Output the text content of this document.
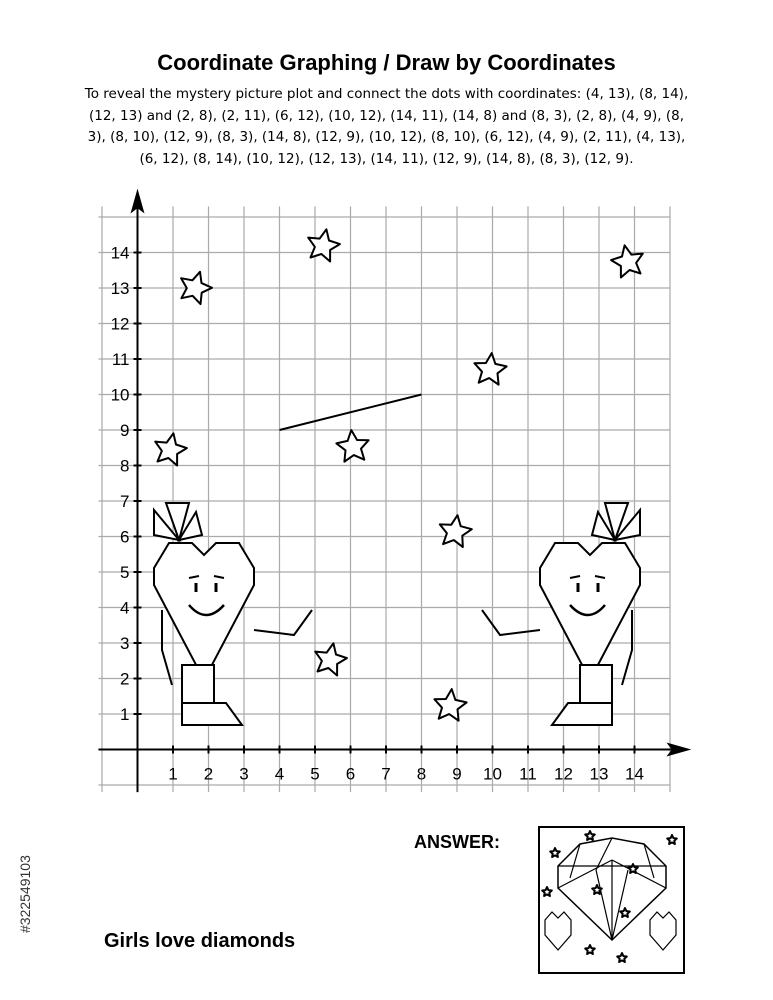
Coordinate Graphing / Draw by Coordinates
To reveal the mystery picture plot and connect the dots with coordinates: (4, 13), (8, 14), (12, 13) and (2, 8), (2, 11), (6, 12), (10, 12), (14, 11), (14, 8) and (8, 3), (2, 8), (4, 9), (8, 3), (8, 10), (12, 9), (8, 3), (14, 8), (12, 9), (10, 12), (8, 10), (6, 12), (4, 9), (2, 11), (4, 13), (6, 12), (8, 14), (10, 12), (12, 13), (14, 11), (12, 9), (14, 8), (8, 3), (12, 9).
1 2 3 4 5 6 7 8 9 10 11 12 13 14
1
2
3
4
5
6
7
8
9
10
11
12
13
14
ANSWER:
Girls love diamonds
#322549103
